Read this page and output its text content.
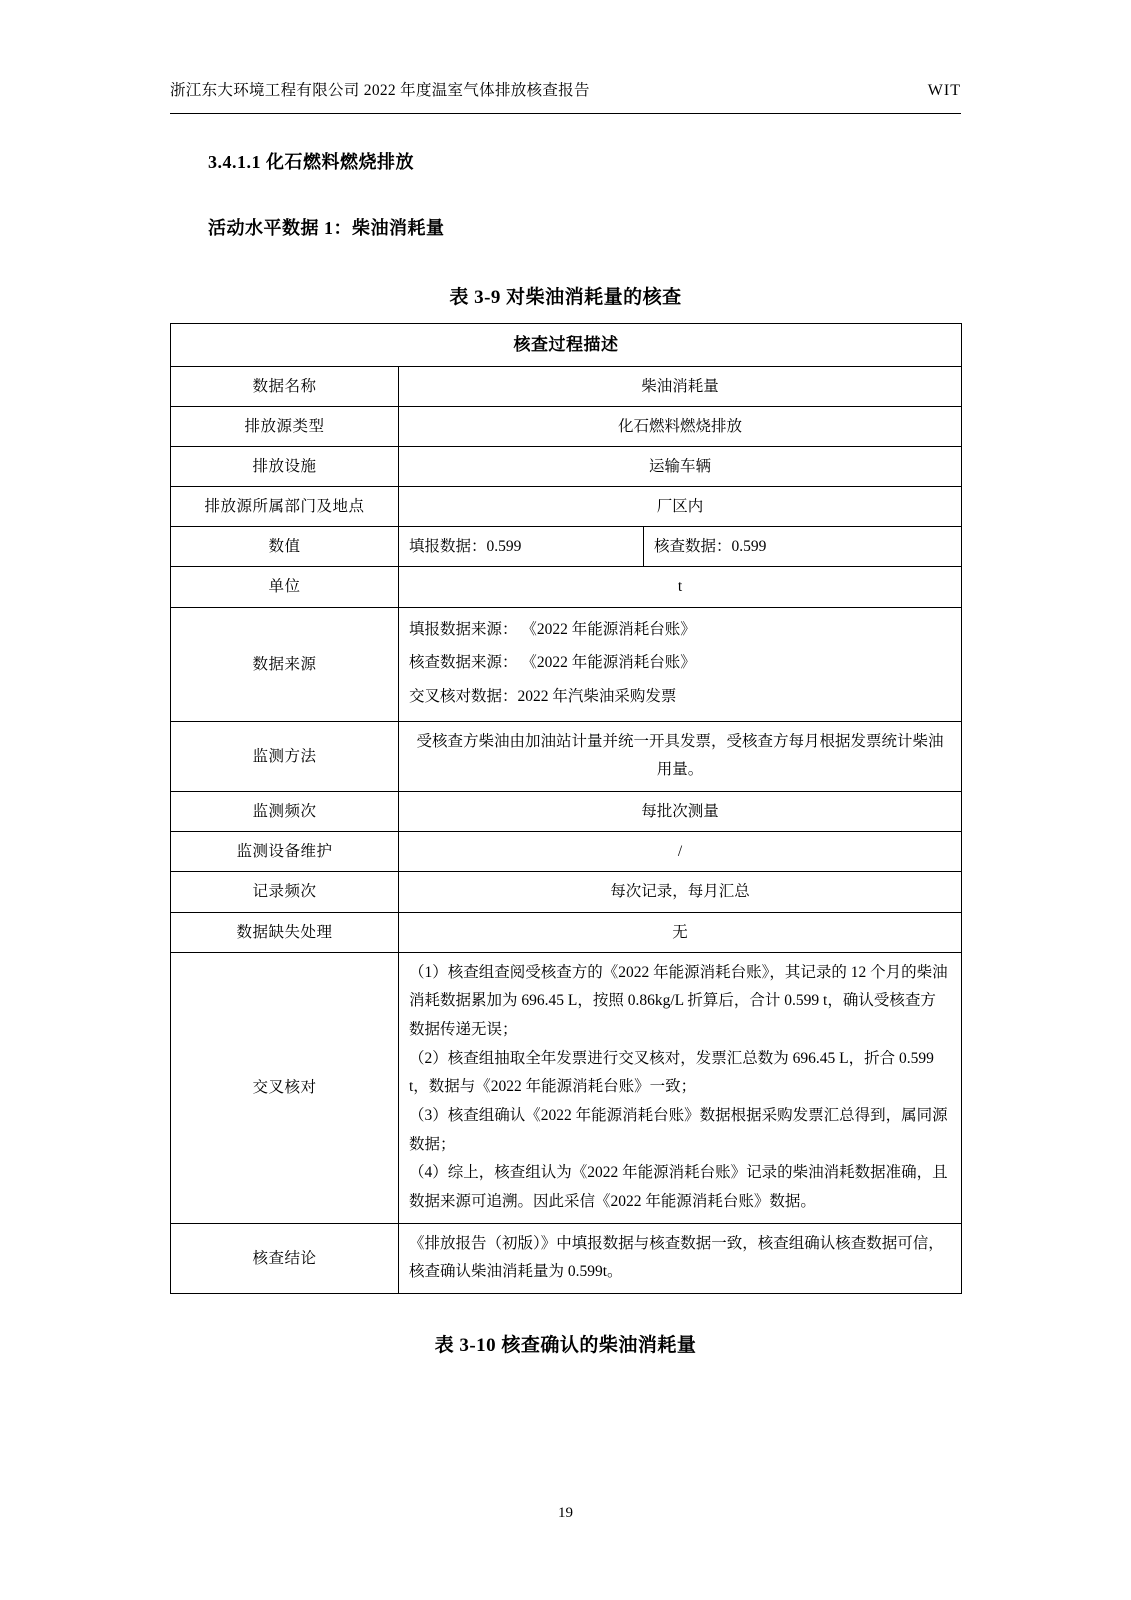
浙江东大环境工程有限公司 2022 年度温室气体排放核查报告	WIT
3.4.1.1 化石燃料燃烧排放
活动水平数据 1：柴油消耗量
表 3-9 对柴油消耗量的核查
核查过程描述		
数据名称	柴油消耗量	
排放源类型	化石燃料燃烧排放	
排放设施	运输车辆	
排放源所属部门及地点	厂区内	
数值	填报数据：0.599	核查数据：0.599
单位	t	
数据来源	填报数据来源： 《2022 年能源消耗台账》

核查数据来源： 《2022 年能源消耗台账》

交叉核对数据：2022 年汽柴油采购发票	

监测方法	受核查方柴油由加油站计量并统一开具发票，受核查方每月根据发票统计柴油用量。	
监测频次	每批次测量	
监测设备维护	/	
记录频次	每次记录，每月汇总	
数据缺失处理	无	
交叉核对	（1）核查组查阅受核查方的《2022 年能源消耗台账》，其记录的 12 个月的柴油消耗数据累加为 696.45 L，按照 0.86kg/L 折算后，合计 0.599 t，确认受核查方数据传递无误；

（2）核查组抽取全年发票进行交叉核对，发票汇总数为 696.45 L，折合 0.599 t，数据与《2022 年能源消耗台账》一致；

（3）核查组确认《2022 年能源消耗台账》数据根据采购发票汇总得到，属同源数据；

（4）综上，核查组认为《2022 年能源消耗台账》记录的柴油消耗数据准确，且数据来源可追溯。因此采信《2022 年能源消耗台账》数据。	

核查结论	《排放报告（初版）》中填报数据与核查数据一致，核查组确认核查数据可信，核查确认柴油消耗量为 0.599t。	

表 3-10 核查确认的柴油消耗量
19
